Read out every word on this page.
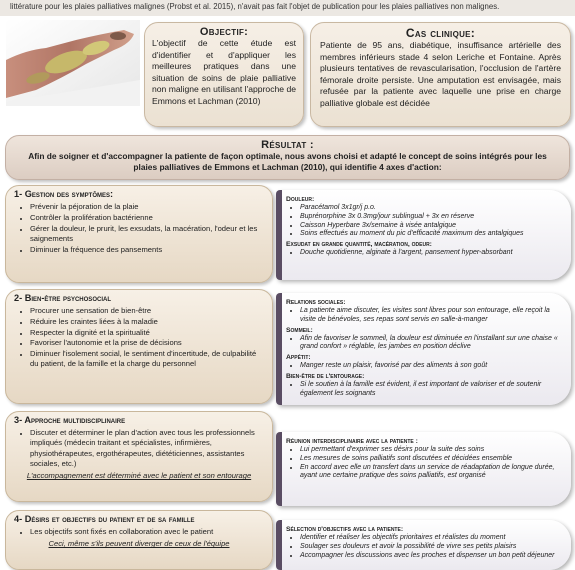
littérature pour les plaies palliatives malignes (Probst et al. 2015), n'avait pas fait l'objet de publication pour les plaies palliatives non malignes.
Objectif:
L'objectif de cette étude est d'identifier et d'appliquer les meilleures pratiques dans une situation de soins de plaie palliative non maligne en utilisant l'approche de Emmons et Lachman (2010)
Cas clinique:
Patiente de 95 ans, diabétique, insuffisance artérielle des membres inférieurs stade 4 selon Leriche et Fontaine. Après plusieurs tentatives de revascularisation, l'occlusion de l'artère fémorale droite persiste. Une amputation est envisagée, mais refusée par la patiente avec laquelle une prise en charge palliative globale est décidée
Résultat :
Afin de soigner et d'accompagner la patiente de façon optimale, nous avons choisi et adapté le concept de soins intégrés pour les plaies palliatives de Emmons et Lachman (2010), qui identifie 4 axes d'action:
1- Gestion des symptômes:
• Prévenir la péjoration de la plaie
• Contrôler la prolifération bactérienne
• Gérer la douleur, le prurit, les exsudats, la macération, l'odeur et les saignements
• Diminuer la fréquence des pansements
Douleur:
• Paracétamol 3x1gr/j p.o.
• Buprénorphine 3x 0.3mg/jour sublingual + 3x en réserve
• Caisson Hyperbare 3x/semaine à visée antalgique
• Soins effectués au moment du pic d'efficacité maximum des antalgiques
Exsudat en grande quantité, macération, odeur:
• Douche quotidienne, alginate à l'argent, pansement hyper-absorbant
2- Bien-être psychosocial
• Procurer une sensation de bien-être
• Réduire les craintes liées à la maladie
• Respecter la dignité et la spiritualité
• Favoriser l'autonomie et la prise de décisions
• Diminuer l'isolement social, le sentiment d'incertitude, de culpabilité du patient, de la famille et la charge du personnel
Relations sociales:
• La patiente aime discuter, les visites sont libres pour son entourage, elle reçoit la visite de bénévoles, ses repas sont servis en salle-à-manger
Sommeil:
• Afin de favoriser le sommeil, la douleur est diminuée en l'installant sur une chaise « grand confort » réglable, les jambes en position déclive
Appétit:
• Manger reste un plaisir, favorisé par des aliments à son goût
Bien-être de l'entourage:
• Si le soutien à la famille est évident, il est important de valoriser et de soutenir également les soignants
3- Approche multidisciplinaire
• Discuter et déterminer le plan d'action avec tous les professionnels impliqués (médecin traitant et spécialistes, infirmières, physiothérapeutes, ergothérapeutes, diététiciennes, assistantes sociales, etc.)
L'accompagnement est déterminé avec le patient et son entourage
Réunion interdisciplinaire avec la patiente :
• Lui permettant d'exprimer ses désirs pour la suite des soins
• Les mesures de soins palliatifs sont discutées et décidées ensemble
• En accord avec elle un transfert dans un service de réadaptation de longue durée, ayant une certaine pratique des soins palliatifs, est organisé
4- Désirs et objectifs du patient et de sa famille
• Les objectifs sont fixés en collaboration avec le patient
Ceci, même s'ils peuvent diverger de ceux de l'équipe
Sélection d'objectifs avec la patiente:
• Identifier et réaliser les objectifs prioritaires et réalistes du moment
• Soulager ses douleurs et avoir la possibilité de vivre ses petits plaisirs
• Accompagner les discussions avec les proches et dispenser un bon petit déjeuner
